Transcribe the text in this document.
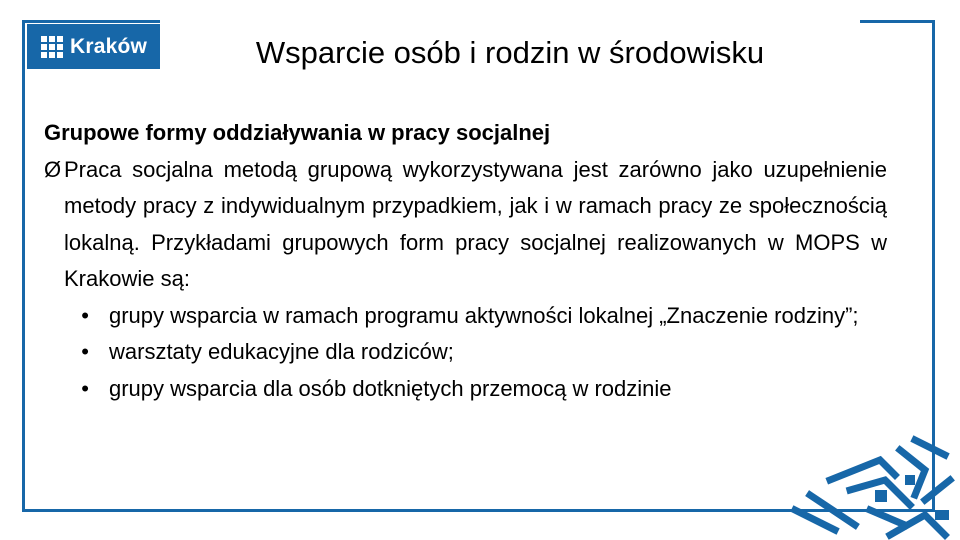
Kraków	Wsparcie osób i rodzin w środowisku
Grupowe formy oddziaływania w pracy socjalnej
Ø Praca socjalna metodą grupową wykorzystywana jest zarówno jako uzupełnienie metody pracy z indywidualnym przypadkiem, jak i w ramach pracy ze społecznością lokalną. Przykładami grupowych form pracy socjalnej realizowanych w MOPS w Krakowie są:
• grupy wsparcia w ramach programu aktywności lokalnej „Znaczenie rodziny”;
• warsztaty edukacyjne dla rodziców;
• grupy wsparcia dla osób dotkniętych przemocą w rodzinie
